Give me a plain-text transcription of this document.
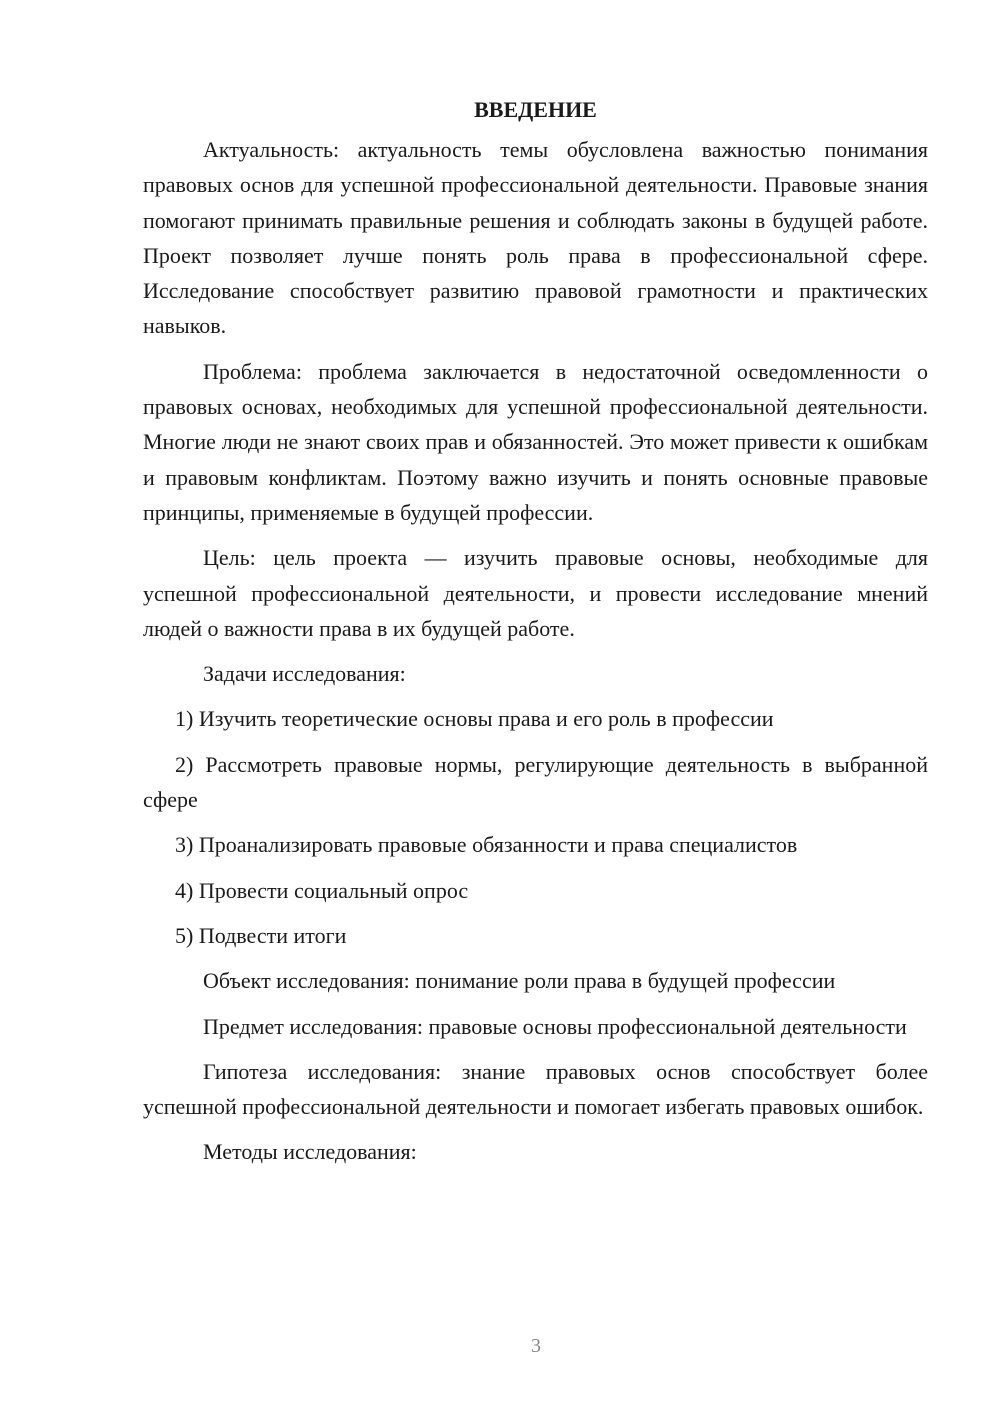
ВВЕДЕНИЕ

Актуальность: актуальность темы обусловлена важностью понимания правовых основ для успешной профессиональной деятельности. Правовые знания помогают принимать правильные решения и соблюдать законы в будущей работе. Проект позволяет лучше понять роль права в профессиональной сфере. Исследование способствует развитию правовой грамотности и практических навыков.

Проблема: проблема заключается в недостаточной осведомленности о правовых основах, необходимых для успешной профессиональной деятельности. Многие люди не знают своих прав и обязанностей. Это может привести к ошибкам и правовым конфликтам. Поэтому важно изучить и понять основные правовые принципы, применяемые в будущей профессии.

Цель: цель проекта — изучить правовые основы, необходимые для успешной профессиональной деятельности, и провести исследование мнений людей о важности права в их будущей работе.

Задачи исследования:

1) Изучить теоретические основы права и его роль в профессии

2) Рассмотреть правовые нормы, регулирующие деятельность в выбранной сфере

3) Проанализировать правовые обязанности и права специалистов

4) Провести социальный опрос

5) Подвести итоги

Объект исследования: понимание роли права в будущей профессии

Предмет исследования: правовые основы профессиональной деятельности

Гипотеза исследования: знание правовых основ способствует более успешной профессиональной деятельности и помогает избегать правовых ошибок.

Методы исследования:

3
